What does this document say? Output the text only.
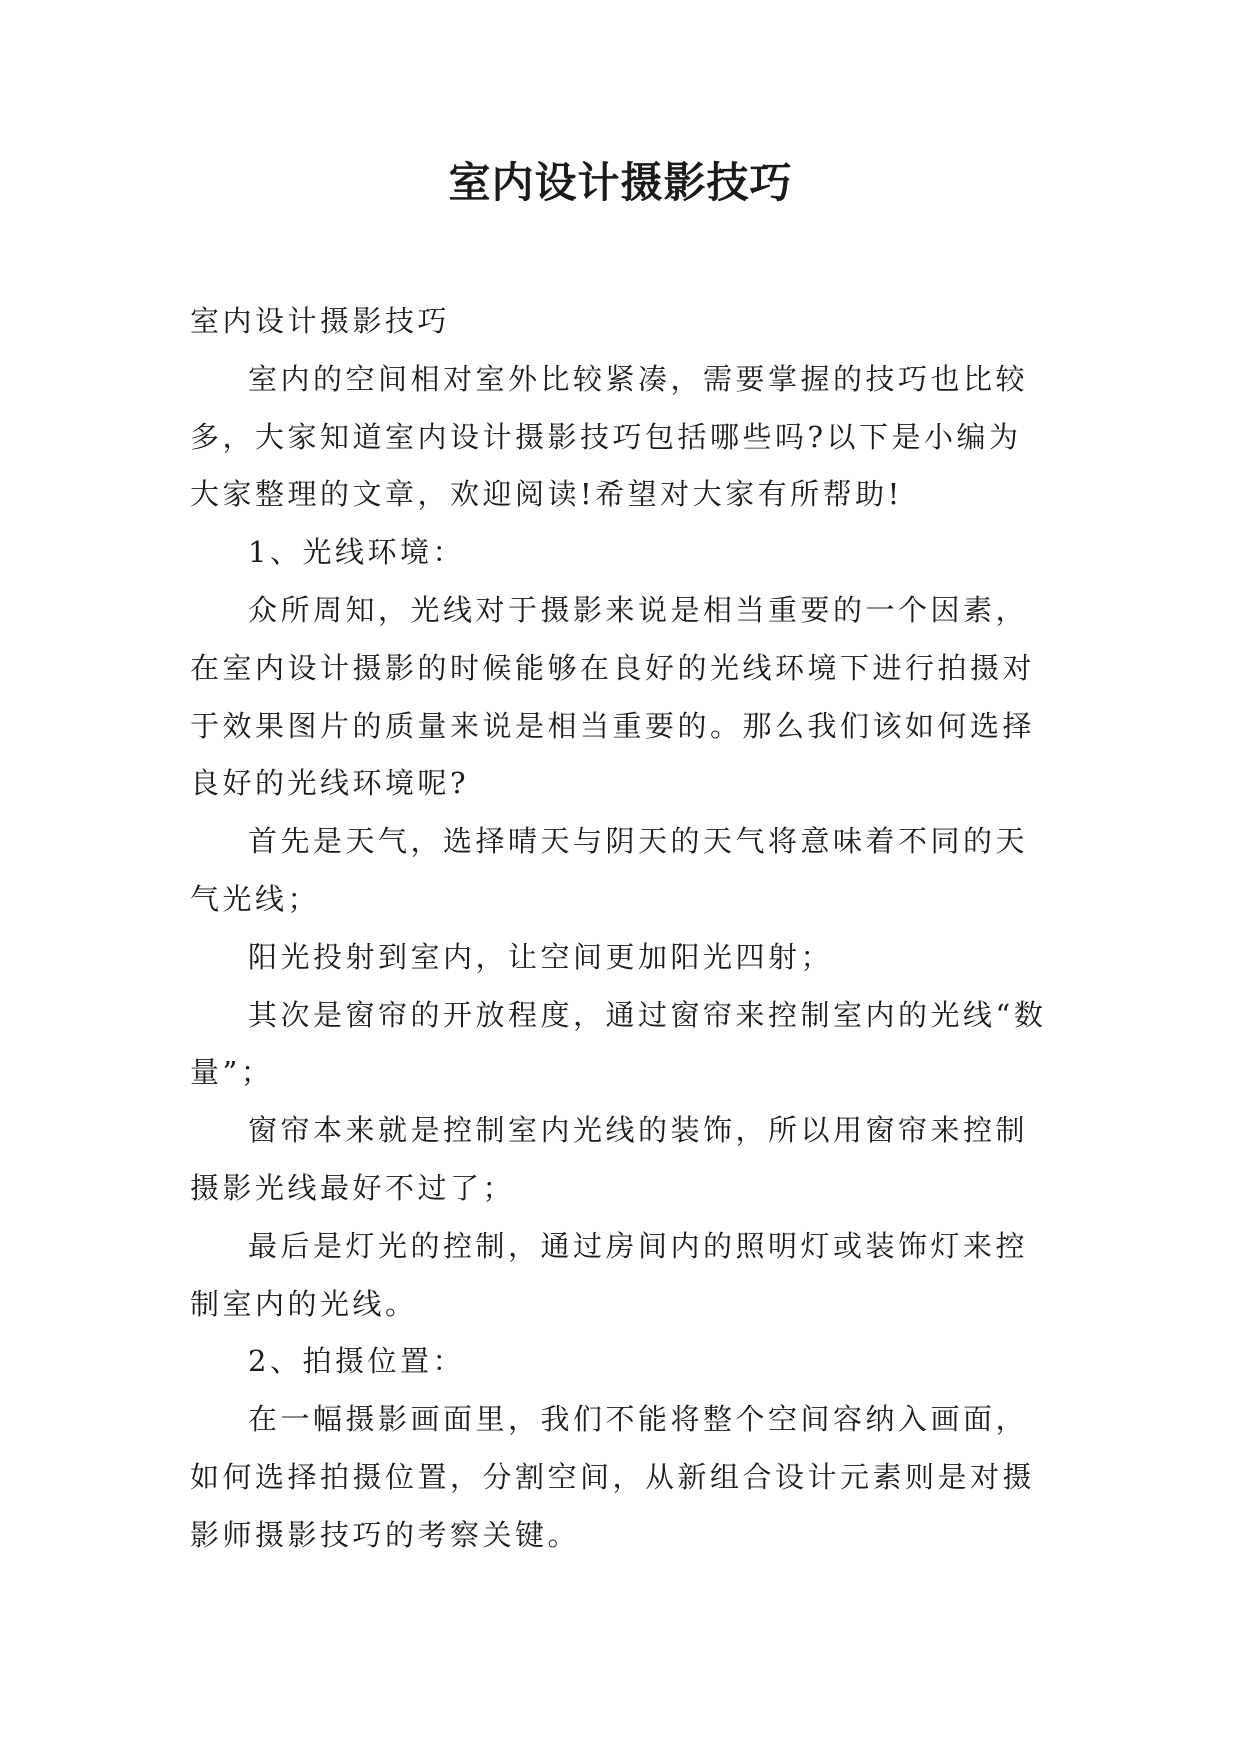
室内设计摄影技巧

室内设计摄影技巧

室内的空间相对室外比较紧凑，需要掌握的技巧也比较多，大家知道室内设计摄影技巧包括哪些吗?以下是小编为大家整理的文章，欢迎阅读!希望对大家有所帮助!

1、光线环境：

众所周知，光线对于摄影来说是相当重要的一个因素，在室内设计摄影的时候能够在良好的光线环境下进行拍摄对于效果图片的质量来说是相当重要的。那么我们该如何选择良好的光线环境呢?

首先是天气，选择晴天与阴天的天气将意味着不同的天气光线；

阳光投射到室内，让空间更加阳光四射；

其次是窗帘的开放程度，通过窗帘来控制室内的光线“数量”；

窗帘本来就是控制室内光线的装饰，所以用窗帘来控制摄影光线最好不过了；

最后是灯光的控制，通过房间内的照明灯或装饰灯来控制室内的光线。

2、拍摄位置：

在一幅摄影画面里，我们不能将整个空间容纳入画面，如何选择拍摄位置，分割空间，从新组合设计元素则是对摄影师摄影技巧的考察关键。
